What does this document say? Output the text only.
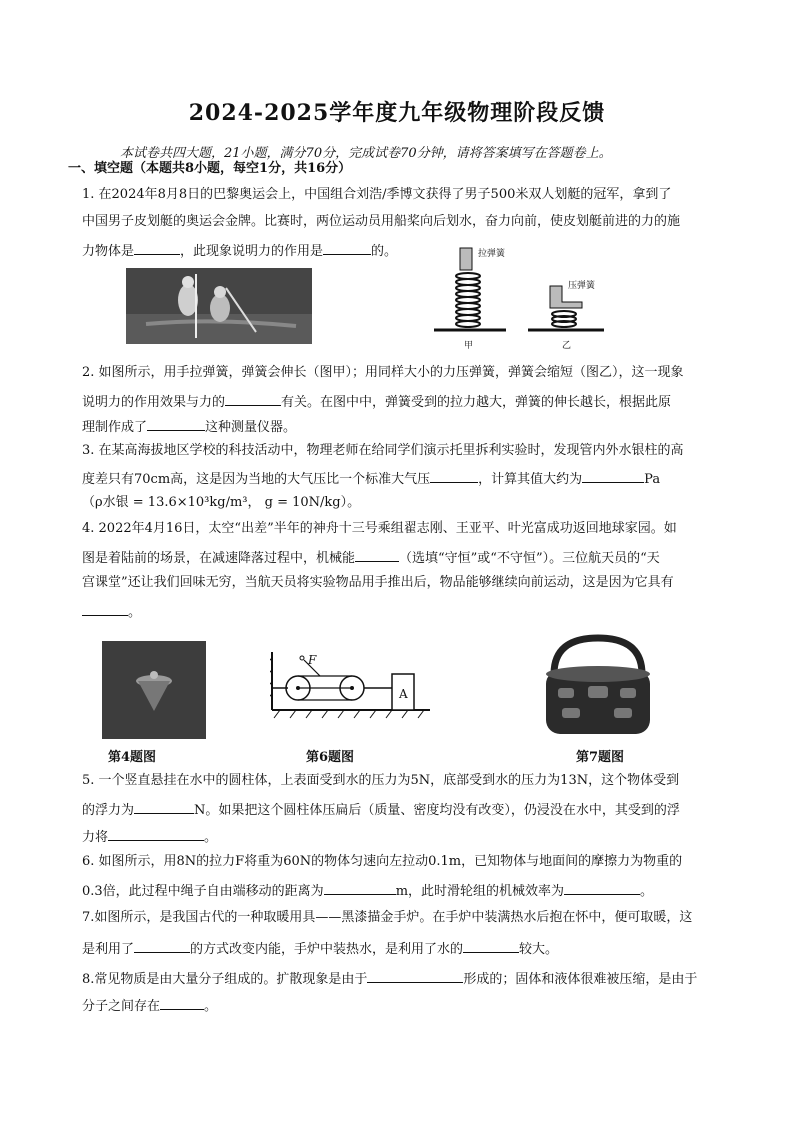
2024-2025学年度九年级物理阶段反馈
本试卷共四大题，21小题，满分70分，完成试卷70分钟，请将答案填写在答题卷上。
一、填空题（本题共8小题，每空1分，共16分）
1. 在2024年8月8日的巴黎奥运会上，中国组合刘浩/季博文获得了男子500米双人划艇的冠军，拿到了
中国男子皮划艇的奥运会金牌。比赛时，两位运动员用船桨向后划水，奋力向前，使皮划艇前进的力的施
力物体是	，此现象说明力的作用是	的。	拉弹簧
甲
压弹簧
乙
2. 如图所示，用手拉弹簧，弹簧会伸长（图甲）；用同样大小的力压弹簧，弹簧会缩短（图乙），这一现象
说明力的作用效果与力的	有关。在图中中，弹簧受到的拉力越大，弹簧的伸长越长，根据此原
理制作成了	这种测量仪器。
3. 在某高海拔地区学校的科技活动中，物理老师在给同学们演示托里拆利实验时，发现管内外水银柱的高
度差只有70cm高，这是因为当地的大气压比一个标准大气压	，计算其值大约为	Pa
（ρ水银 = 13.6×10³kg/m³， g = 10N/kg）。
4. 2022年4月16日，太空“出差”半年的神舟十三号乘组翟志刚、王亚平、叶光富成功返回地球家园。如
图是着陆前的场景，在减速降落过程中，机械能	（选填“守恒”或“不守恒”）。三位航天员的“天
宫课堂”还让我们回味无穷，当航天员将实验物品用手推出后，物品能够继续向前运动，这是因为它具有
。
第4题图
A
F
第6题图	第7题图
5. 一个竖直悬挂在水中的圆柱体，上表面受到水的压力为5N，底部受到水的压力为13N，这个物体受到
的浮力为	N。如果把这个圆柱体压扁后（质量、密度均没有改变），仍浸没在水中，其受到的浮
力将	。
6. 如图所示，用8N的拉力F将重为60N的物体匀速向左拉动0.1m，已知物体与地面间的摩擦力为物重的
0.3倍，此过程中绳子自由端移动的距离为	m，此时滑轮组的机械效率为	。
7.如图所示，是我国古代的一种取暖用具——黑漆描金手炉。在手炉中装满热水后抱在怀中，便可取暖，这
是利用了	的方式改变内能，手炉中装热水，是利用了水的	较大。
8.常见物质是由大量分子组成的。扩散现象是由于	形成的；固体和液体很难被压缩，是由于
分子之间存在	。
